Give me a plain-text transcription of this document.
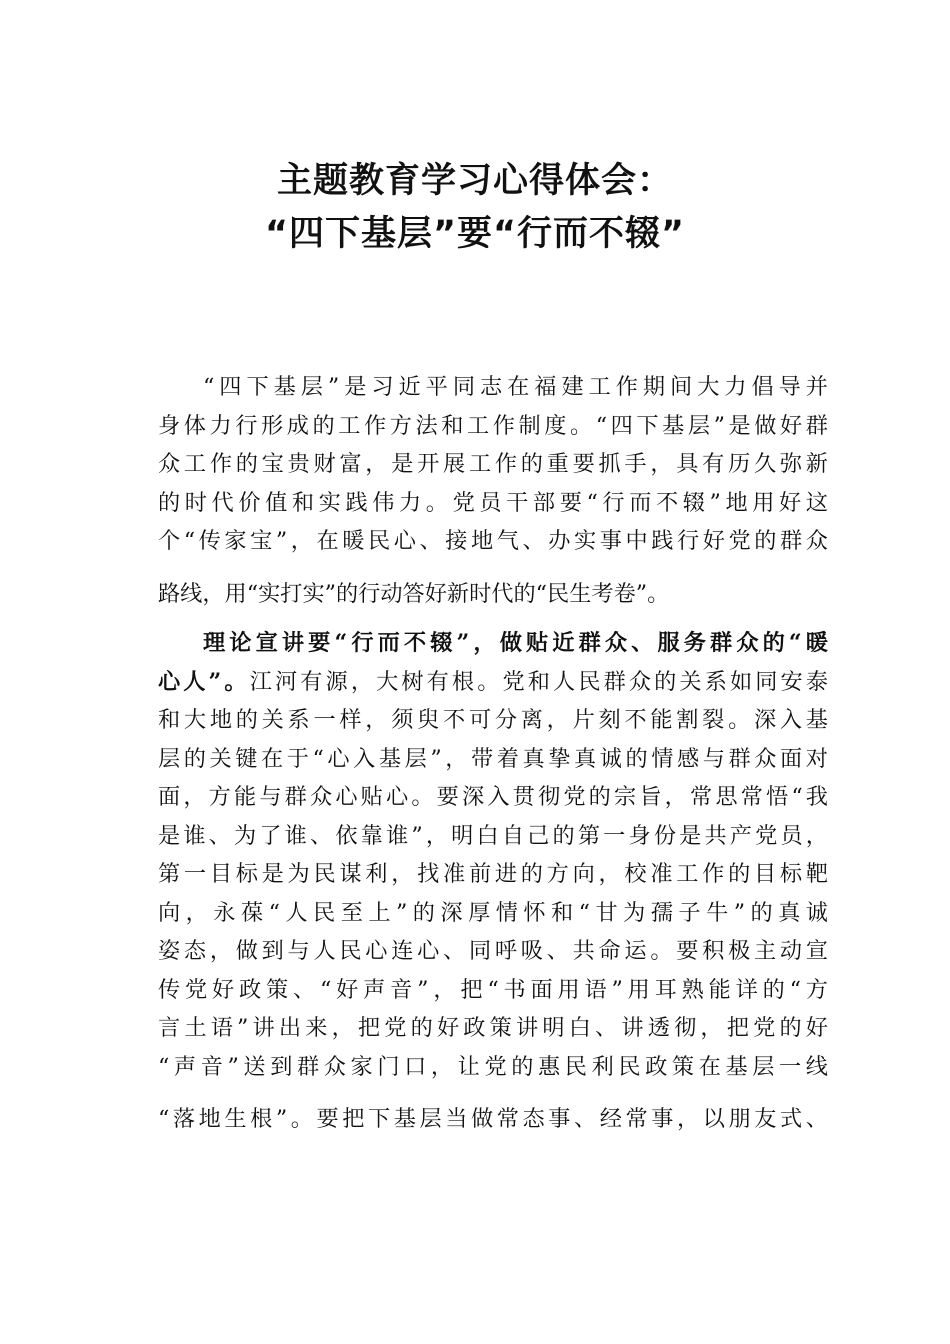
主题教育学习心得体会：
“四下基层”要“行而不辍”
“四下基层”是习近平同志在福建工作期间大力倡导并
身体力行形成的工作方法和工作制度。“四下基层”是做好群
众工作的宝贵财富，是开展工作的重要抓手，具有历久弥新
的时代价值和实践伟力。党员干部要“行而不辍”地用好这
个“传家宝”，在暖民心、接地气、办实事中践行好党的群众
路线，用“实打实”的行动答好新时代的“民生考卷”。
理论宣讲要“行而不辍”，做贴近群众、服务群众的“暖
心人”。江河有源，大树有根。党和人民群众的关系如同安泰
和大地的关系一样，须臾不可分离，片刻不能割裂。深入基
层的关键在于“心入基层”，带着真挚真诚的情感与群众面对
面，方能与群众心贴心。要深入贯彻党的宗旨，常思常悟“我
是谁、为了谁、依靠谁”，明白自己的第一身份是共产党员，
第一目标是为民谋利，找准前进的方向，校准工作的目标靶
向，永葆“人民至上”的深厚情怀和“甘为孺子牛”的真诚
姿态，做到与人民心连心、同呼吸、共命运。要积极主动宣
传党好政策、“好声音”，把“书面用语”用耳熟能详的“方
言土语”讲出来，把党的好政策讲明白、讲透彻，把党的好
“声音”送到群众家门口，让党的惠民利民政策在基层一线
“落地生根”。要把下基层当做常态事、经常事，以朋友式、
